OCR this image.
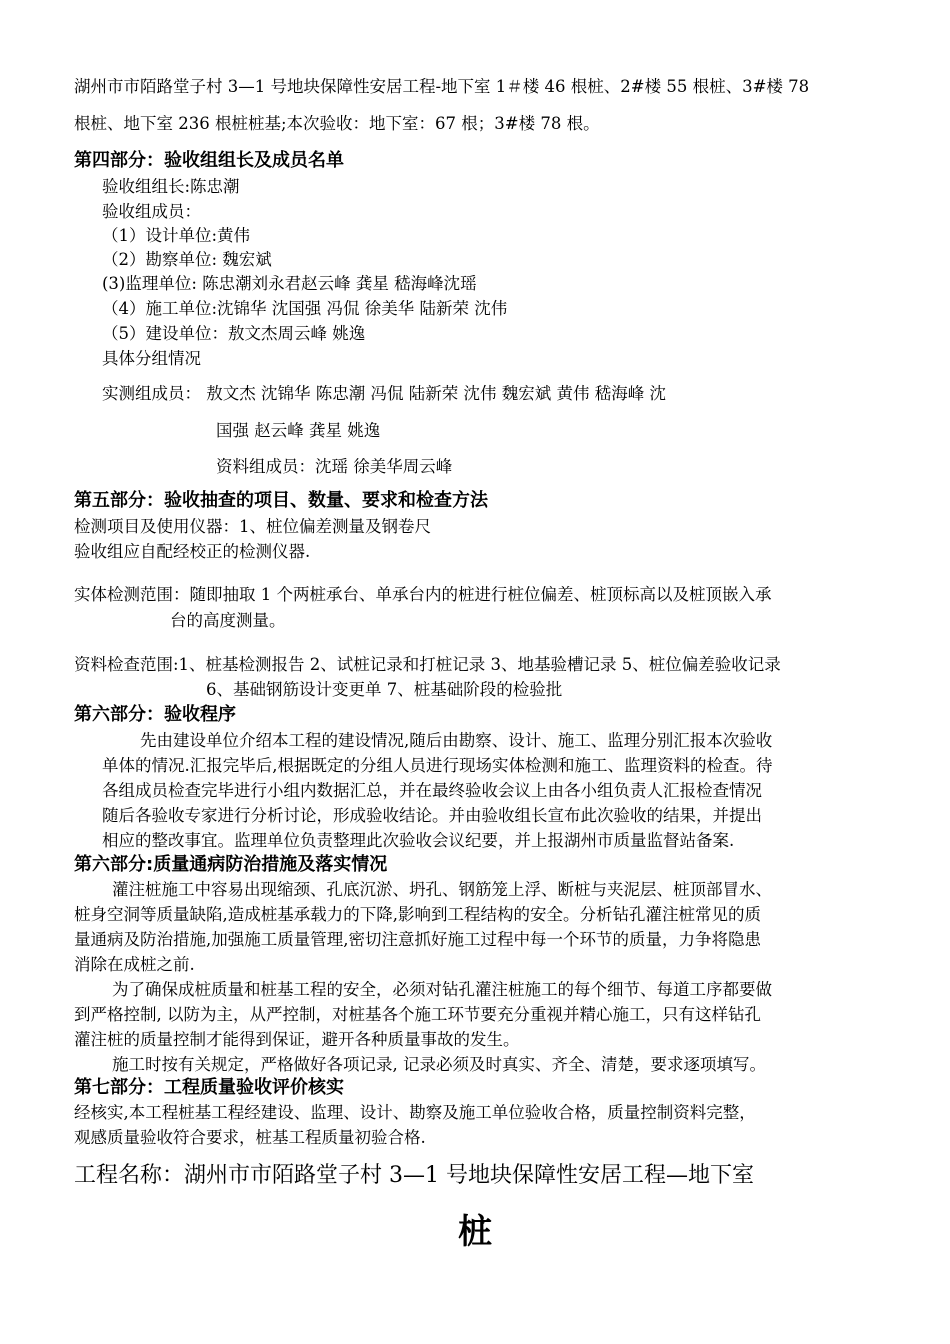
湖州市市陌路堂子村 3—1 号地块保障性安居工程-地下室 1＃楼 46 根桩、2#楼 55 根桩、3#楼 78
根桩、地下室 236 根桩桩基;本次验收：地下室：67 根；3#楼 78 根。
第四部分：验收组组长及成员名单
验收组组长:陈忠潮
验收组成员：
（1）设计单位:黄伟
（2）勘察单位: 魏宏斌
(3)监理单位: 陈忠潮刘永君赵云峰 龚星 嵇海峰沈瑶
（4）施工单位:沈锦华 沈国强 冯侃 徐美华 陆新荣 沈伟
（5）建设单位：敖文杰周云峰 姚逸
具体分组情况
实测组成员： 敖文杰 沈锦华 陈忠潮 冯侃 陆新荣 沈伟 魏宏斌 黄伟 嵇海峰 沈
国强 赵云峰 龚星 姚逸
资料组成员：沈瑶 徐美华周云峰
第五部分：验收抽查的项目、数量、要求和检查方法
检测项目及使用仪器：1、桩位偏差测量及钢卷尺
验收组应自配经校正的检测仪器.
实体检测范围：随即抽取 1 个两桩承台、单承台内的桩进行桩位偏差、桩顶标高以及桩顶嵌入承
台的高度测量。
资料检查范围:1、桩基检测报告 2、试桩记录和打桩记录 3、地基验槽记录 5、桩位偏差验收记录
6、基础钢筋设计变更单 7、桩基础阶段的检验批
第六部分：验收程序
先由建设单位介绍本工程的建设情况,随后由勘察、设计、施工、监理分别汇报本次验收
单体的情况.汇报完毕后,根据既定的分组人员进行现场实体检测和施工、监理资料的检查。待
各组成员检查完毕进行小组内数据汇总，并在最终验收会议上由各小组负责人汇报检查情况
随后各验收专家进行分析讨论，形成验收结论。并由验收组长宣布此次验收的结果，并提出
相应的整改事宜。监理单位负责整理此次验收会议纪要，并上报湖州市质量监督站备案.
第六部分:质量通病防治措施及落实情况
灌注桩施工中容易出现缩颈、孔底沉淤、坍孔、钢筋笼上浮、断桩与夹泥层、桩顶部冒水、
桩身空洞等质量缺陷,造成桩基承载力的下降,影响到工程结构的安全。分析钻孔灌注桩常见的质
量通病及防治措施,加强施工质量管理,密切注意抓好施工过程中每一个环节的质量，力争将隐患
消除在成桩之前.
为了确保成桩质量和桩基工程的安全，必须对钻孔灌注桩施工的每个细节、每道工序都要做
到严格控制, 以防为主，从严控制，对桩基各个施工环节要充分重视并精心施工，只有这样钻孔
灌注桩的质量控制才能得到保证，避开各种质量事故的发生。
施工时按有关规定，严格做好各项记录, 记录必须及时真实、齐全、清楚，要求逐项填写。
第七部分：工程质量验收评价核实
经核实,本工程桩基工程经建设、监理、设计、勘察及施工单位验收合格，质量控制资料完整，
观感质量验收符合要求，桩基工程质量初验合格.
工程名称：湖州市市陌路堂子村 3—1 号地块保障性安居工程—地下室
桩
